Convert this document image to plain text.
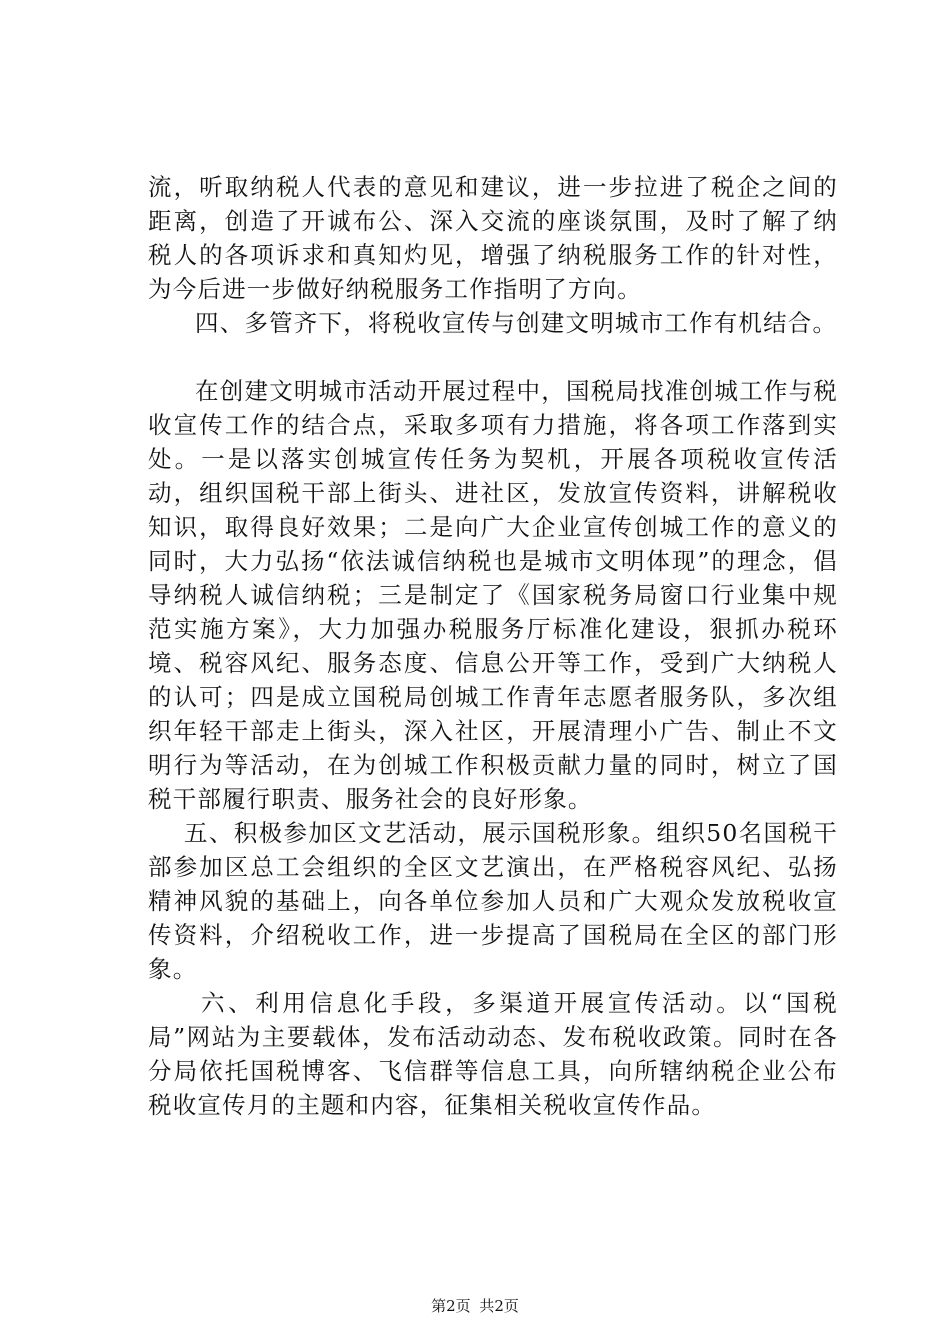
流，听取纳税人代表的意见和建议，进一步拉进了税企之间的距离，创造了开诚布公、深入交流的座谈氛围，及时了解了纳税人的各项诉求和真知灼见，增强了纳税服务工作的针对性，为今后进一步做好纳税服务工作指明了方向。

四、多管齐下，将税收宣传与创建文明城市工作有机结合。

在创建文明城市活动开展过程中，国税局找准创城工作与税收宣传工作的结合点，采取多项有力措施，将各项工作落到实处。一是以落实创城宣传任务为契机，开展各项税收宣传活动，组织国税干部上街头、进社区，发放宣传资料，讲解税收知识，取得良好效果；二是向广大企业宣传创城工作的意义的同时，大力弘扬“依法诚信纳税也是城市文明体现”的理念，倡导纳税人诚信纳税；三是制定了《国家税务局窗口行业集中规范实施方案》，大力加强办税服务厅标准化建设，狠抓办税环境、税容风纪、服务态度、信息公开等工作，受到广大纳税人的认可；四是成立国税局创城工作青年志愿者服务队，多次组织年轻干部走上街头，深入社区，开展清理小广告、制止不文明行为等活动，在为创城工作积极贡献力量的同时，树立了国税干部履行职责、服务社会的良好形象。

五、积极参加区文艺活动，展示国税形象。组织50名国税干部参加区总工会组织的全区文艺演出，在严格税容风纪、弘扬精神风貌的基础上，向各单位参加人员和广大观众发放税收宣传资料，介绍税收工作，进一步提高了国税局在全区的部门形象。

六、利用信息化手段，多渠道开展宣传活动。以“国税局”网站为主要载体，发布活动动态、发布税收政策。同时在各分局依托国税博客、飞信群等信息工具，向所辖纳税企业公布税收宣传月的主题和内容，征集相关税收宣传作品。

第2页 共2页
